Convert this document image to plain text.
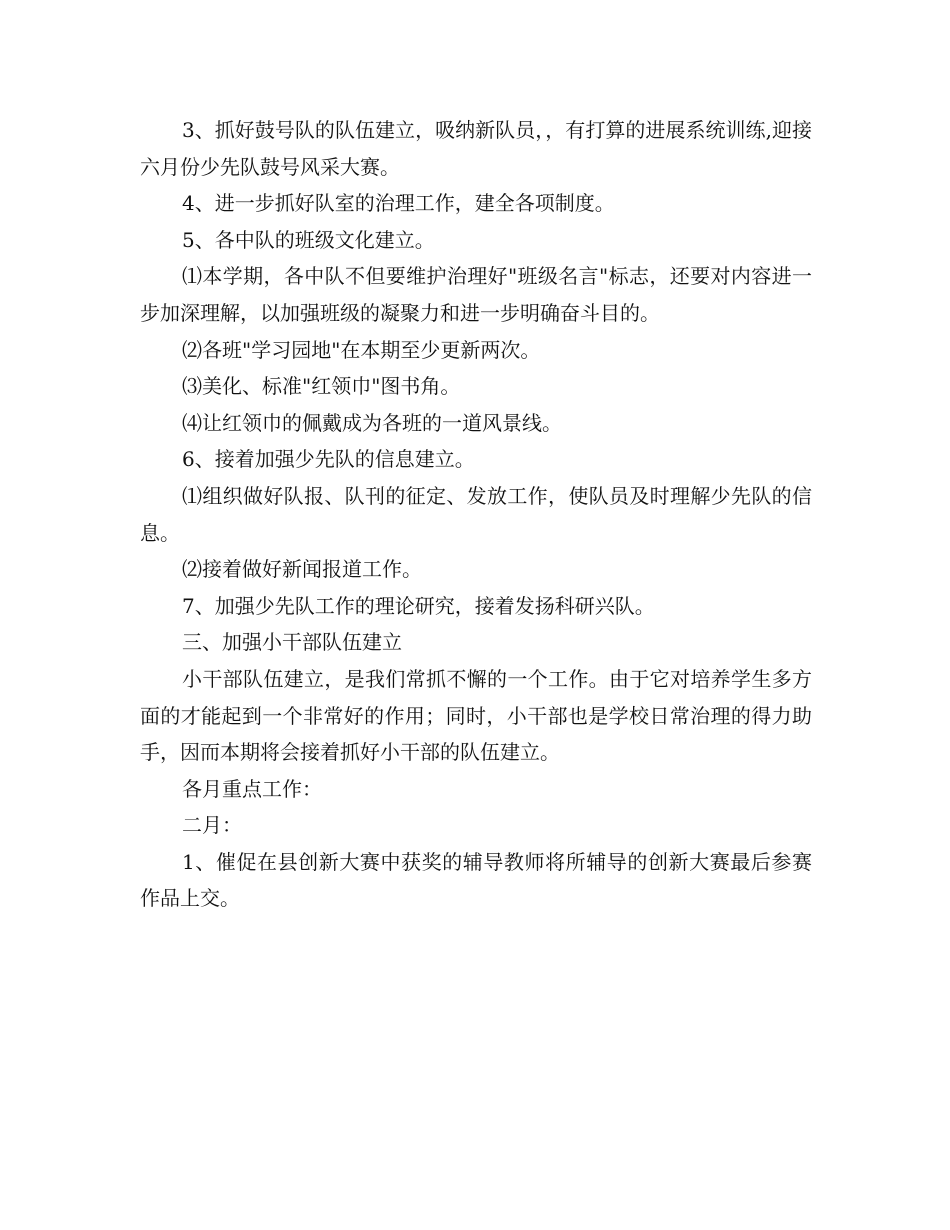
3、抓好鼓号队的队伍建立，吸纳新队员，，有打算的进展系统训练,迎接六月份少先队鼓号风采大赛。

4、进一步抓好队室的治理工作，建全各项制度。

5、各中队的班级文化建立。

⑴本学期，各中队不但要维护治理好"班级名言"标志，还要对内容进一步加深理解，以加强班级的凝聚力和进一步明确奋斗目的。

⑵各班"学习园地"在本期至少更新两次。

⑶美化、标准"红领巾"图书角。

⑷让红领巾的佩戴成为各班的一道风景线。

6、接着加强少先队的信息建立。

⑴组织做好队报、队刊的征定、发放工作，使队员及时理解少先队的信息。

⑵接着做好新闻报道工作。

7、加强少先队工作的理论研究，接着发扬科研兴队。

三、加强小干部队伍建立

小干部队伍建立，是我们常抓不懈的一个工作。由于它对培养学生多方面的才能起到一个非常好的作用；同时，小干部也是学校日常治理的得力助手，因而本期将会接着抓好小干部的队伍建立。

各月重点工作：

二月：

1、催促在县创新大赛中获奖的辅导教师将所辅导的创新大赛最后参赛作品上交。
